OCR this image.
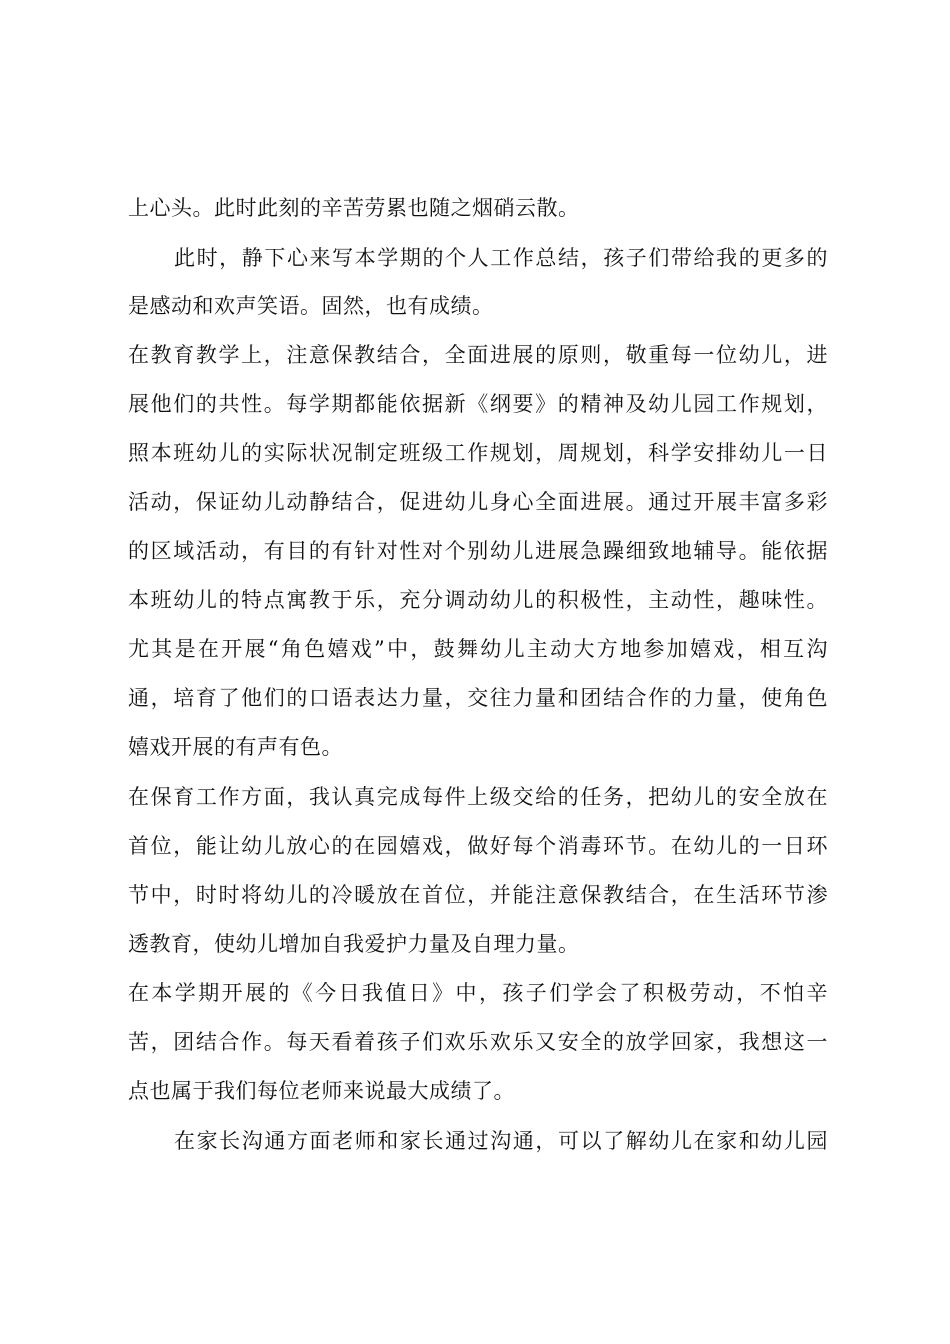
上心头。此时此刻的辛苦劳累也随之烟硝云散。
此时，静下心来写本学期的个人工作总结，孩子们带给我的更多的
是感动和欢声笑语。固然，也有成绩。
在教育教学上，注意保教结合，全面进展的原则，敬重每一位幼儿，进
展他们的共性。每学期都能依据新《纲要》的精神及幼儿园工作规划，
照本班幼儿的实际状况制定班级工作规划，周规划，科学安排幼儿一日
活动，保证幼儿动静结合，促进幼儿身心全面进展。通过开展丰富多彩
的区域活动，有目的有针对性对个别幼儿进展急躁细致地辅导。能依据
本班幼儿的特点寓教于乐，充分调动幼儿的积极性，主动性，趣味性。
尤其是在开展“角色嬉戏”中，鼓舞幼儿主动大方地参加嬉戏，相互沟
通，培育了他们的口语表达力量，交往力量和团结合作的力量，使角色
嬉戏开展的有声有色。
在保育工作方面，我认真完成每件上级交给的任务，把幼儿的安全放在
首位，能让幼儿放心的在园嬉戏，做好每个消毒环节。在幼儿的一日环
节中，时时将幼儿的冷暖放在首位，并能注意保教结合，在生活环节渗
透教育，使幼儿增加自我爱护力量及自理力量。
在本学期开展的《今日我值日》中，孩子们学会了积极劳动，不怕辛
苦，团结合作。每天看着孩子们欢乐欢乐又安全的放学回家，我想这一
点也属于我们每位老师来说最大成绩了。
在家长沟通方面老师和家长通过沟通，可以了解幼儿在家和幼儿园
